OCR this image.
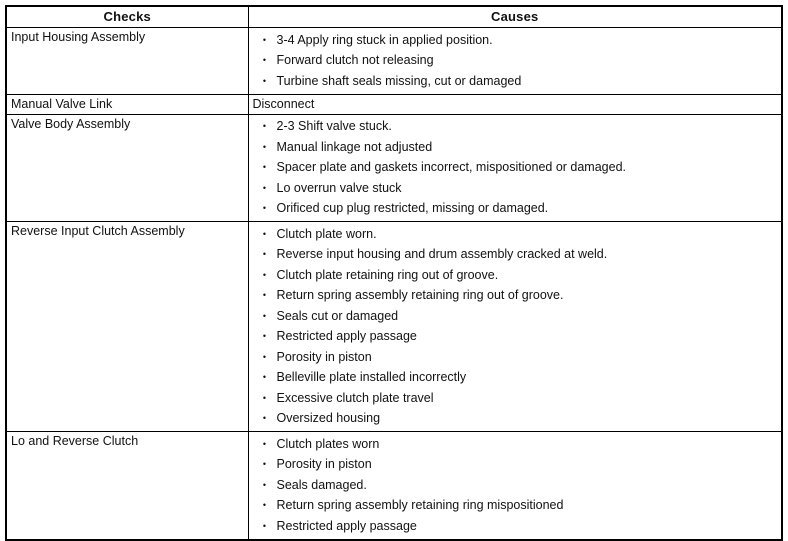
Checks	Causes
Input Housing Assembly	• 3-4 Apply ring stuck in applied position.
• Forward clutch not releasing
• Turbine shaft seals missing, cut or damaged

Manual Valve Link	Disconnect

Valve Body Assembly	• 2-3 Shift valve stuck.
• Manual linkage not adjusted
• Spacer plate and gaskets incorrect, mispositioned or damaged.
• Lo overrun valve stuck
• Orificed cup plug restricted, missing or damaged.

Reverse Input Clutch Assembly	• Clutch plate worn.
• Reverse input housing and drum assembly cracked at weld.
• Clutch plate retaining ring out of groove.
• Return spring assembly retaining ring out of groove.
• Seals cut or damaged
• Restricted apply passage
• Porosity in piston
• Belleville plate installed incorrectly
• Excessive clutch plate travel
• Oversized housing

Lo and Reverse Clutch	• Clutch plates worn
• Porosity in piston
• Seals damaged.
• Return spring assembly retaining ring mispositioned
• Restricted apply passage
